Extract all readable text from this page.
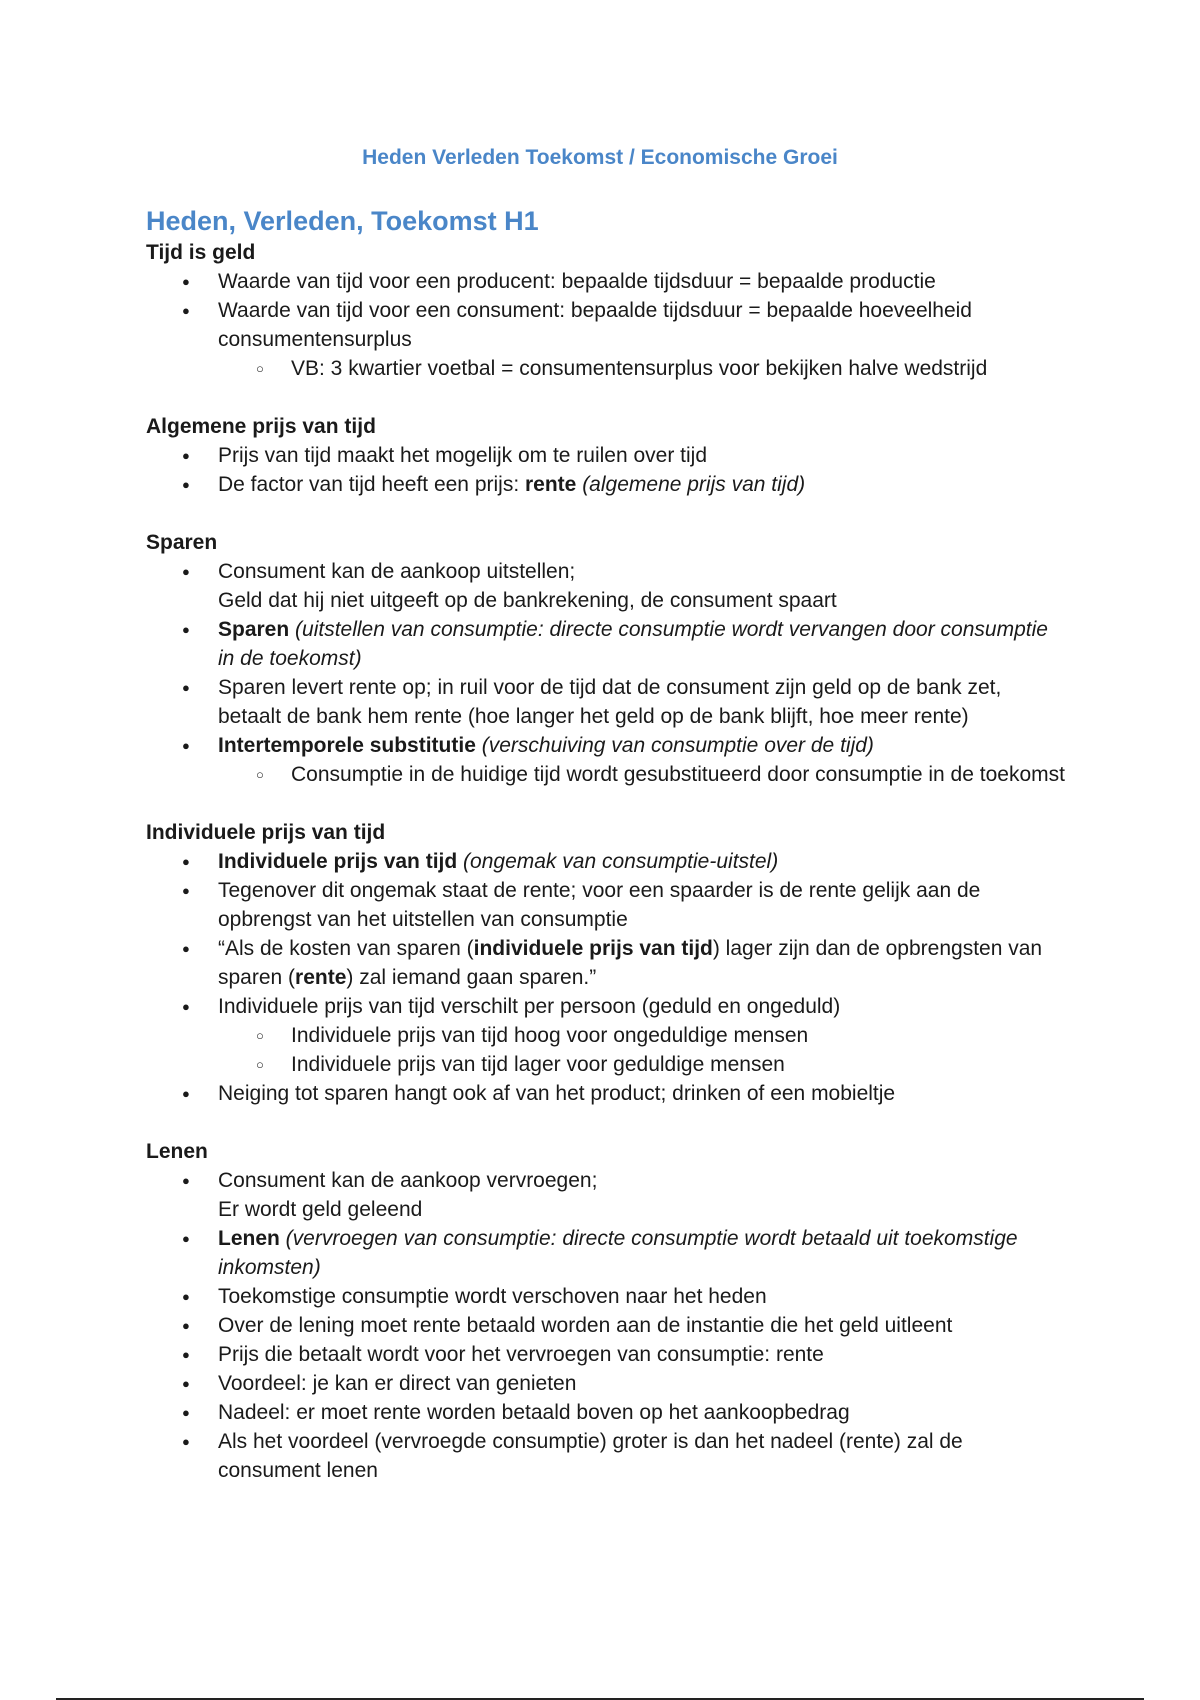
Heden Verleden Toekomst / Economische Groei
Heden, Verleden, Toekomst H1
Tijd is geld
● Waarde van tijd voor een producent: bepaalde tijdsduur = bepaalde productie
● Waarde van tijd voor een consument: bepaalde tijdsduur = bepaalde hoeveelheid consumentensurplus
○ VB: 3 kwartier voetbal = consumentensurplus voor bekijken halve wedstrijd
Algemene prijs van tijd
● Prijs van tijd maakt het mogelijk om te ruilen over tijd
● De factor van tijd heeft een prijs: rente (algemene prijs van tijd)
Sparen
● Consument kan de aankoop uitstellen;
Geld dat hij niet uitgeeft op de bankrekening, de consument spaart
● Sparen (uitstellen van consumptie: directe consumptie wordt vervangen door consumptie in de toekomst)
● Sparen levert rente op; in ruil voor de tijd dat de consument zijn geld op de bank zet, betaalt de bank hem rente (hoe langer het geld op de bank blijft, hoe meer rente)
● Intertemporele substitutie (verschuiving van consumptie over de tijd)
○ Consumptie in de huidige tijd wordt gesubstitueerd door consumptie in de toekomst
Individuele prijs van tijd
● Individuele prijs van tijd (ongemak van consumptie-uitstel)
● Tegenover dit ongemak staat de rente; voor een spaarder is de rente gelijk aan de opbrengst van het uitstellen van consumptie
● “Als de kosten van sparen (individuele prijs van tijd) lager zijn dan de opbrengsten van sparen (rente) zal iemand gaan sparen.”
● Individuele prijs van tijd verschilt per persoon (geduld en ongeduld)
○ Individuele prijs van tijd hoog voor ongeduldige mensen
○ Individuele prijs van tijd lager voor geduldige mensen
● Neiging tot sparen hangt ook af van het product; drinken of een mobieltje
Lenen
● Consument kan de aankoop vervroegen;
Er wordt geld geleend
● Lenen (vervroegen van consumptie: directe consumptie wordt betaald uit toekomstige inkomsten)
● Toekomstige consumptie wordt verschoven naar het heden
● Over de lening moet rente betaald worden aan de instantie die het geld uitleent
● Prijs die betaalt wordt voor het vervroegen van consumptie: rente
● Voordeel: je kan er direct van genieten
● Nadeel: er moet rente worden betaald boven op het aankoopbedrag
● Als het voordeel (vervroegde consumptie) groter is dan het nadeel (rente) zal de consument lenen
